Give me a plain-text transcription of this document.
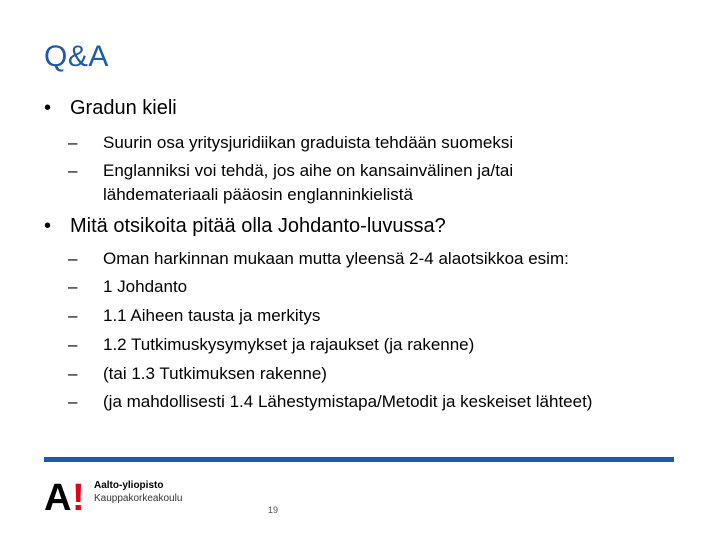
Q&A
• Gradun kieli
–	Suurin osa yritysjuridiikan graduista tehdään suomeksi
–	Englanniksi voi tehdä, jos aihe on kansainvälinen ja/tai lähdemateriaali pääosin englanninkielistä
• Mitä otsikoita pitää olla Johdanto-luvussa?
–	Oman harkinnan mukaan mutta yleensä 2-4 alaotsikkoa esim:
–	1 Johdanto
–	1.1 Aiheen tausta ja merkitys
–	1.2 Tutkimuskysymykset ja rajaukset (ja rakenne)
–	(tai 1.3 Tutkimuksen rakenne)
–	(ja mahdollisesti 1.4 Lähestymistapa/Metodit ja keskeiset lähteet)
A ! Aalto-yliopisto
Kauppakorkeakoulu
19
